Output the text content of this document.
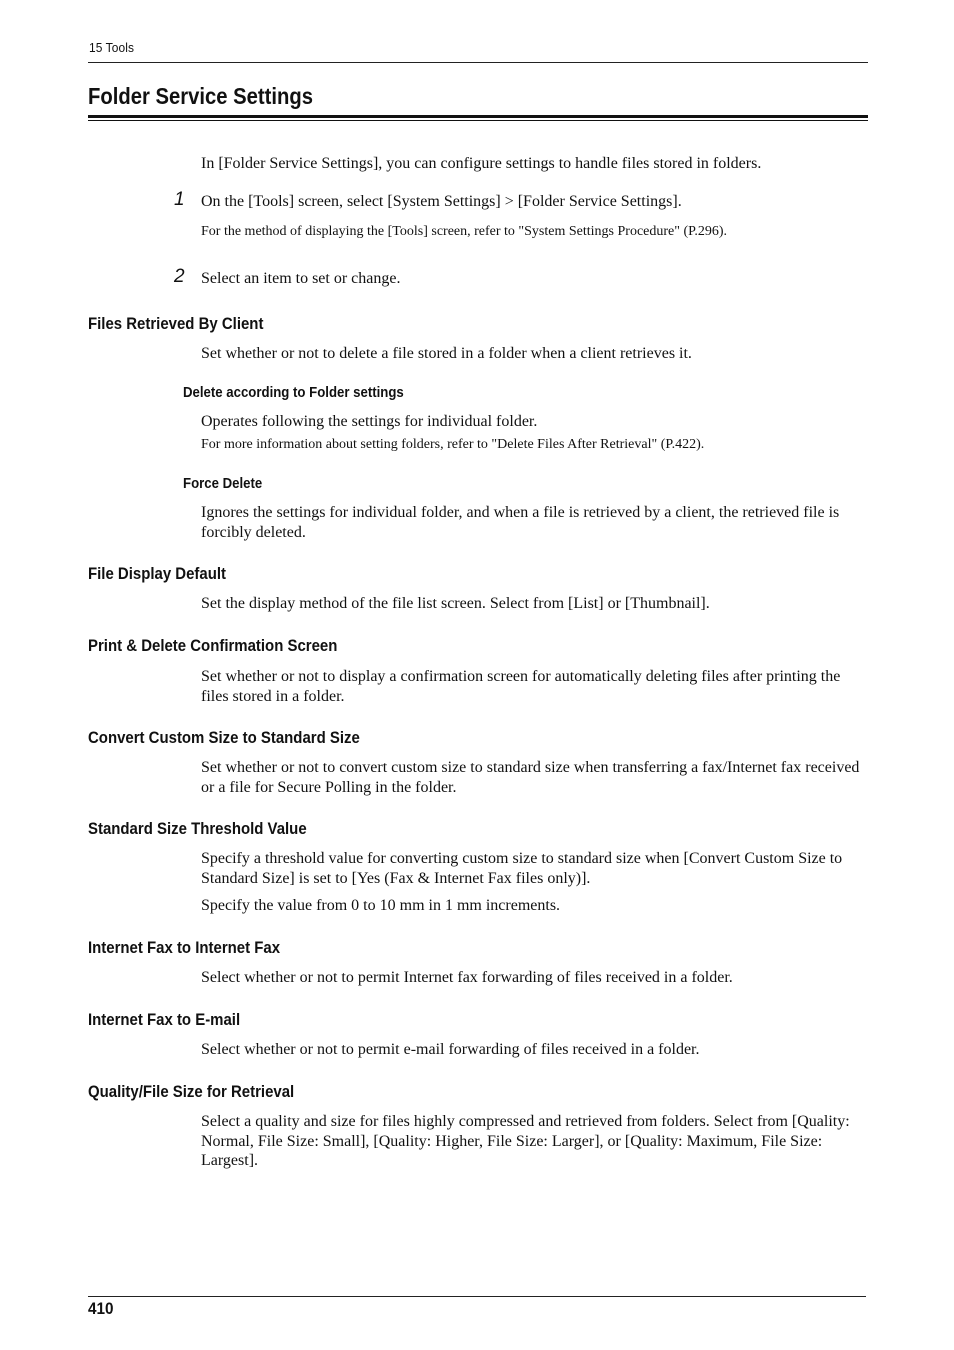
15 Tools
Folder Service Settings

In [Folder Service Settings], you can configure settings to handle files stored in folders.

1 On the [Tools] screen, select [System Settings] > [Folder Service Settings].

For the method of displaying the [Tools] screen, refer to "System Settings Procedure" (P.296).

2 Select an item to set or change.

Files Retrieved By Client

Set whether or not to delete a file stored in a folder when a client retrieves it.

Delete according to Folder settings

Operates following the settings for individual folder.

For more information about setting folders, refer to "Delete Files After Retrieval" (P.422).

Force Delete

Ignores the settings for individual folder, and when a file is retrieved by a client, the retrieved file is forcibly deleted.

File Display Default

Set the display method of the file list screen. Select from [List] or [Thumbnail].

Print & Delete Confirmation Screen

Set whether or not to display a confirmation screen for automatically deleting files after printing the files stored in a folder.

Convert Custom Size to Standard Size

Set whether or not to convert custom size to standard size when transferring a fax/Internet fax received or a file for Secure Polling in the folder.

Standard Size Threshold Value

Specify a threshold value for converting custom size to standard size when [Convert Custom Size to Standard Size] is set to [Yes (Fax & Internet Fax files only)].

Specify the value from 0 to 10 mm in 1 mm increments.

Internet Fax to Internet Fax

Select whether or not to permit Internet fax forwarding of files received in a folder.

Internet Fax to E-mail

Select whether or not to permit e-mail forwarding of files received in a folder.

Quality/File Size for Retrieval

Select a quality and size for files highly compressed and retrieved from folders. Select from [Quality: Normal, File Size: Small], [Quality: Higher, File Size: Larger], or [Quality: Maximum, File Size: Largest].

410
